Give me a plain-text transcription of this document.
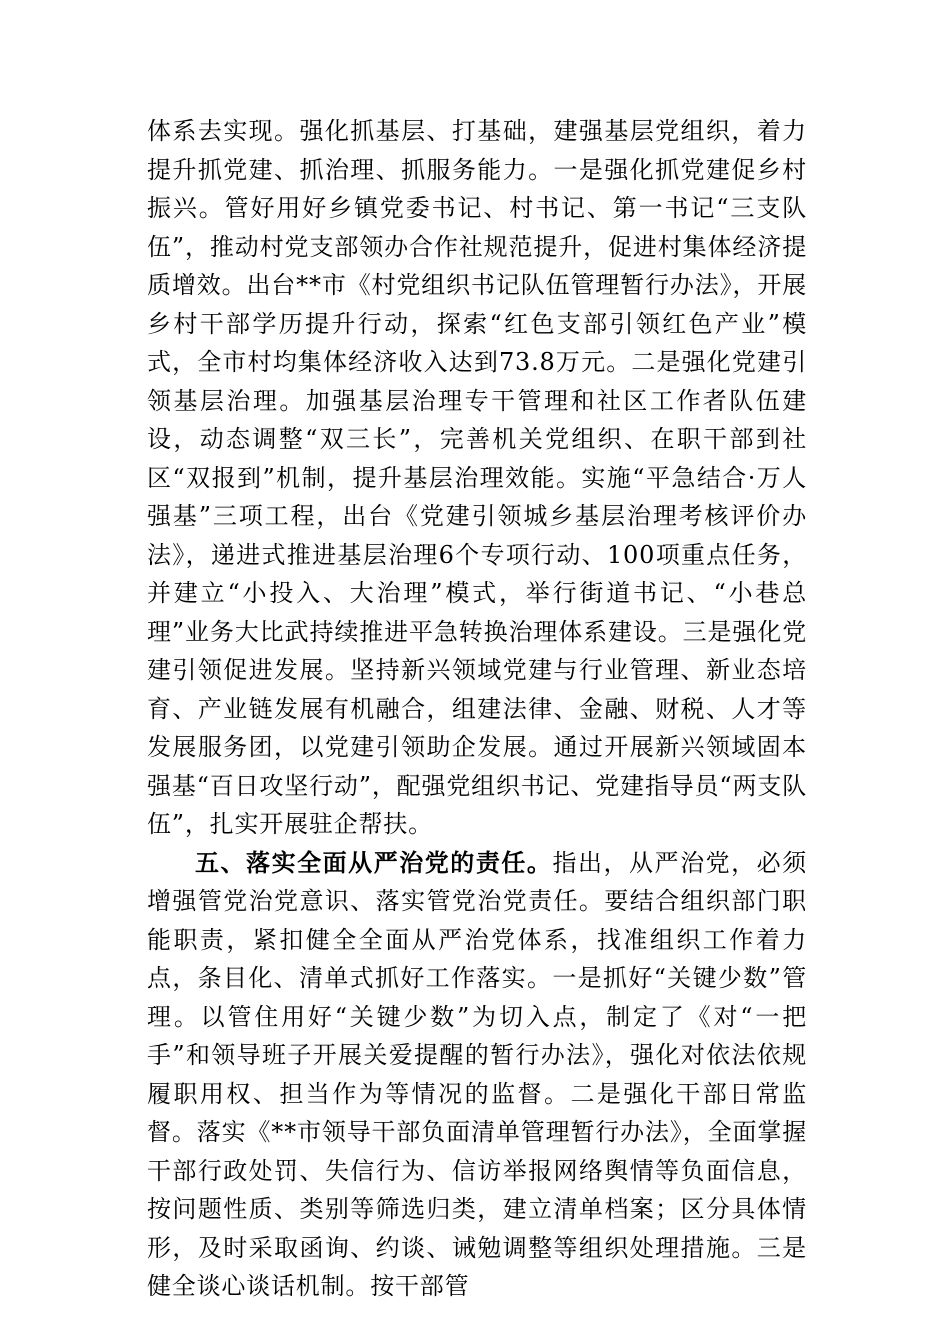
体系去实现。强化抓基层、打基础，建强基层党组织，着力提升抓党建、抓治理、抓服务能力。一是强化抓党建促乡村振兴。管好用好乡镇党委书记、村书记、第一书记“三支队伍”，推动村党支部领办合作社规范提升，促进村集体经济提质增效。出台**市《村党组织书记队伍管理暂行办法》，开展乡村干部学历提升行动，探索“红色支部引领红色产业”模式，全市村均集体经济收入达到73.8万元。二是强化党建引领基层治理。加强基层治理专干管理和社区工作者队伍建设，动态调整“双三长”，完善机关党组织、在职干部到社区“双报到”机制，提升基层治理效能。实施“平急结合·万人强基”三项工程，出台《党建引领城乡基层治理考核评价办法》，递进式推进基层治理6个专项行动、100项重点任务，并建立“小投入、大治理”模式，举行街道书记、“小巷总理”业务大比武持续推进平急转换治理体系建设。三是强化党建引领促进发展。坚持新兴领域党建与行业管理、新业态培育、产业链发展有机融合，组建法律、金融、财税、人才等发展服务团，以党建引领助企发展。通过开展新兴领域固本强基“百日攻坚行动”，配强党组织书记、党建指导员“两支队伍”，扎实开展驻企帮扶。

五、落实全面从严治党的责任。指出，从严治党，必须增强管党治党意识、落实管党治党责任。要结合组织部门职能职责，紧扣健全全面从严治党体系，找准组织工作着力点，条目化、清单式抓好工作落实。一是抓好“关键少数”管理。以管住用好“关键少数”为切入点，制定了《对“一把手”和领导班子开展关爱提醒的暂行办法》，强化对依法依规履职用权、担当作为等情况的监督。二是强化干部日常监督。落实《**市领导干部负面清单管理暂行办法》，全面掌握干部行政处罚、失信行为、信访举报网络舆情等负面信息，按问题性质、类别等筛选归类，建立清单档案；区分具体情形，及时采取函询、约谈、诫勉调整等组织处理措施。三是健全谈心谈话机制。按干部管
